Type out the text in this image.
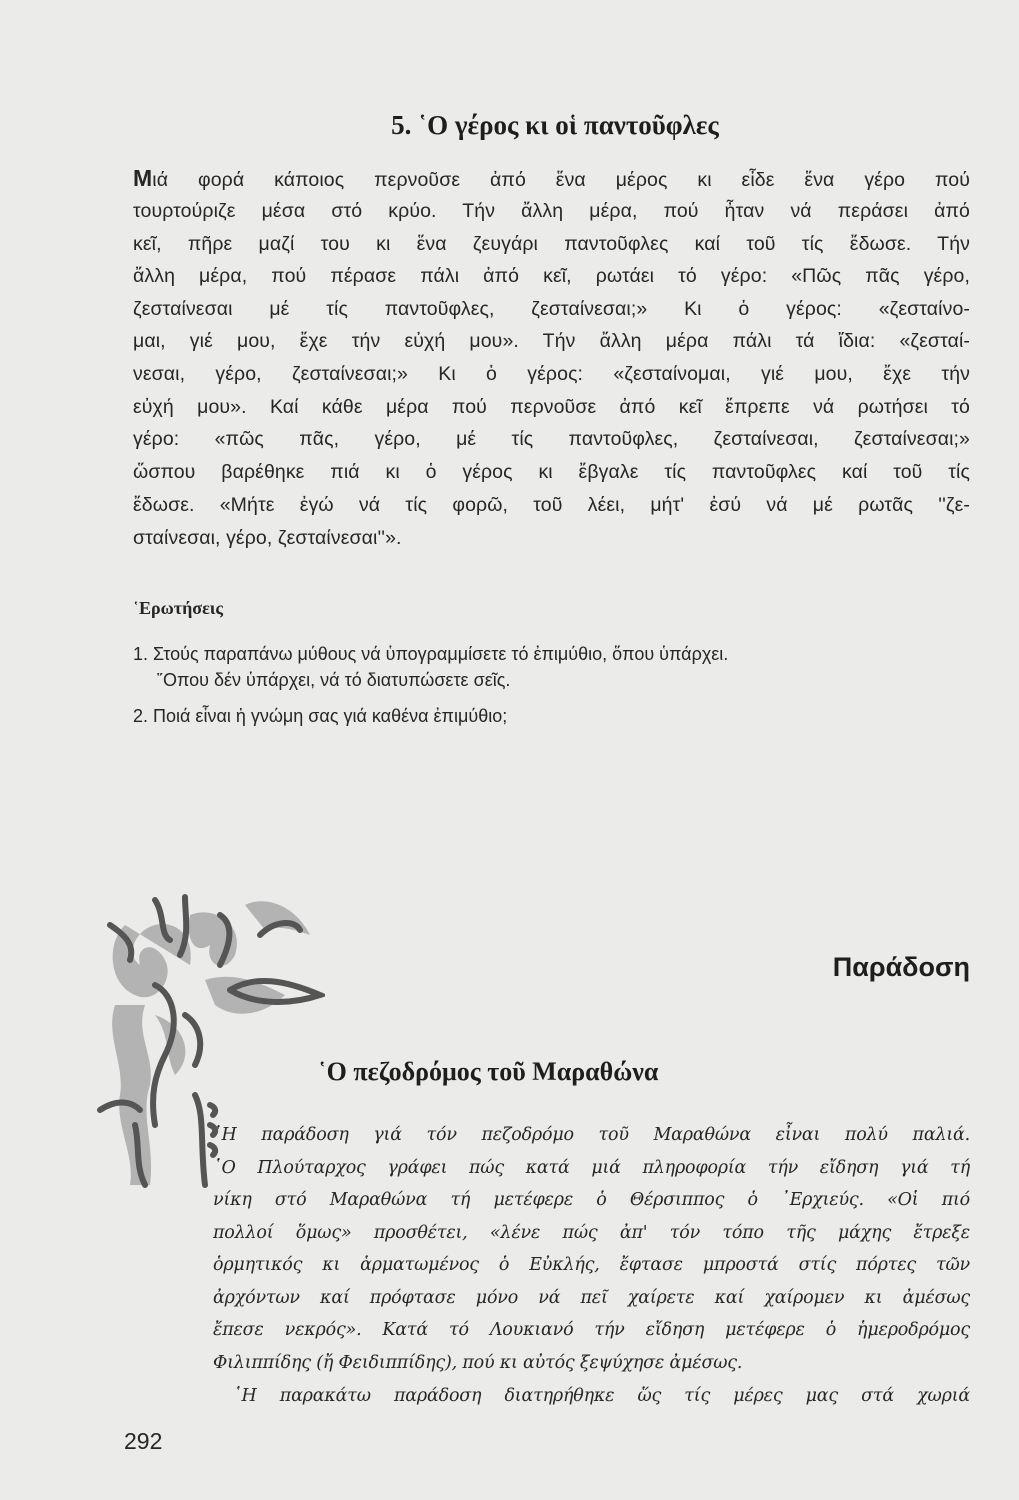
5. ῾Ο γέρος κι οἱ παντοῦφλες
Μιά φορά κάποιος περνοῦσε ἀπό ἕνα μέρος κι εἶδε ἕνα γέρο πού
τουρτούριζε μέσα στό κρύο. Τήν ἄλλη μέρα, πού ἦταν νά περάσει ἀπό
κεῖ, πῆρε μαζί του κι ἕνα ζευγάρι παντοῦφλες καί τοῦ τίς ἔδωσε. Τήν
ἄλλη μέρα, πού πέρασε πάλι ἀπό κεῖ, ρωτάει τό γέρο: «Πῶς πᾶς γέρο,
ζεσταίνεσαι μέ τίς παντοῦφλες, ζεσταίνεσαι;» Κι ὁ γέρος: «ζεσταίνο-
μαι, γιέ μου, ἔχε τήν εὐχή μου». Τήν ἄλλη μέρα πάλι τά ἴδια: «ζεσταί-
νεσαι, γέρο, ζεσταίνεσαι;» Κι ὁ γέρος: «ζεσταίνομαι, γιέ μου, ἔχε τήν
εὐχή μου». Καί κάθε μέρα πού περνοῦσε ἀπό κεῖ ἔπρεπε νά ρωτήσει τό
γέρο: «πῶς πᾶς, γέρο, μέ τίς παντοῦφλες, ζεσταίνεσαι, ζεσταίνεσαι;»
ὥσπου βαρέθηκε πιά κι ὁ γέρος κι ἔβγαλε τίς παντοῦφλες καί τοῦ τίς
ἔδωσε. «Μήτε ἐγώ νά τίς φορῶ, τοῦ λέει, μήτ' ἐσύ νά μέ ρωτᾶς ''ζε-
σταίνεσαι, γέρο, ζεσταίνεσαι''».
῾Ερωτήσεις
1. Στούς παραπάνω μύθους νά ὑπογραμμίσετε τό ἐπιμύθιο, ὅπου ὑπάρχει.
῞Οπου δέν ὑπάρχει, νά τό διατυπώσετε σεῖς.
2. Ποιά εἶναι ἡ γνώμη σας γιά καθένα ἐπιμύθιο;
Παράδοση
῾Ο πεζοδρόμος τοῦ Μαραθώνα
῾Η παράδοση γιά τόν πεζοδρόμο τοῦ Μαραθώνα εἶναι πολύ παλιά.
῾Ο Πλούταρχος γράφει πώς κατά μιά πληροφορία τήν εἴδηση γιά τή
νίκη στό Μαραθώνα τή μετέφερε ὁ Θέρσιππος ὁ ᾿Ερχιεύς. «Οἱ πιό
πολλοί ὅμως» προσθέτει, «λένε πώς ἀπ' τόν τόπο τῆς μάχης ἔτρεξε
ὁρμητικός κι ἁρματωμένος ὁ Εὐκλής, ἔφτασε μπροστά στίς πόρτες τῶν
ἀρχόντων καί πρόφτασε μόνο νά πεῖ χαίρετε καί χαίρομεν κι ἀμέσως
ἔπεσε νεκρός». Κατά τό Λουκιανό τήν εἴδηση μετέφερε ὁ ἡμεροδρόμος
Φιλιππίδης (ἤ Φειδιππίδης), πού κι αὐτός ξεψύχησε ἀμέσως.
῾Η παρακάτω παράδοση διατηρήθηκε ὥς τίς μέρες μας στά χωριά
292
